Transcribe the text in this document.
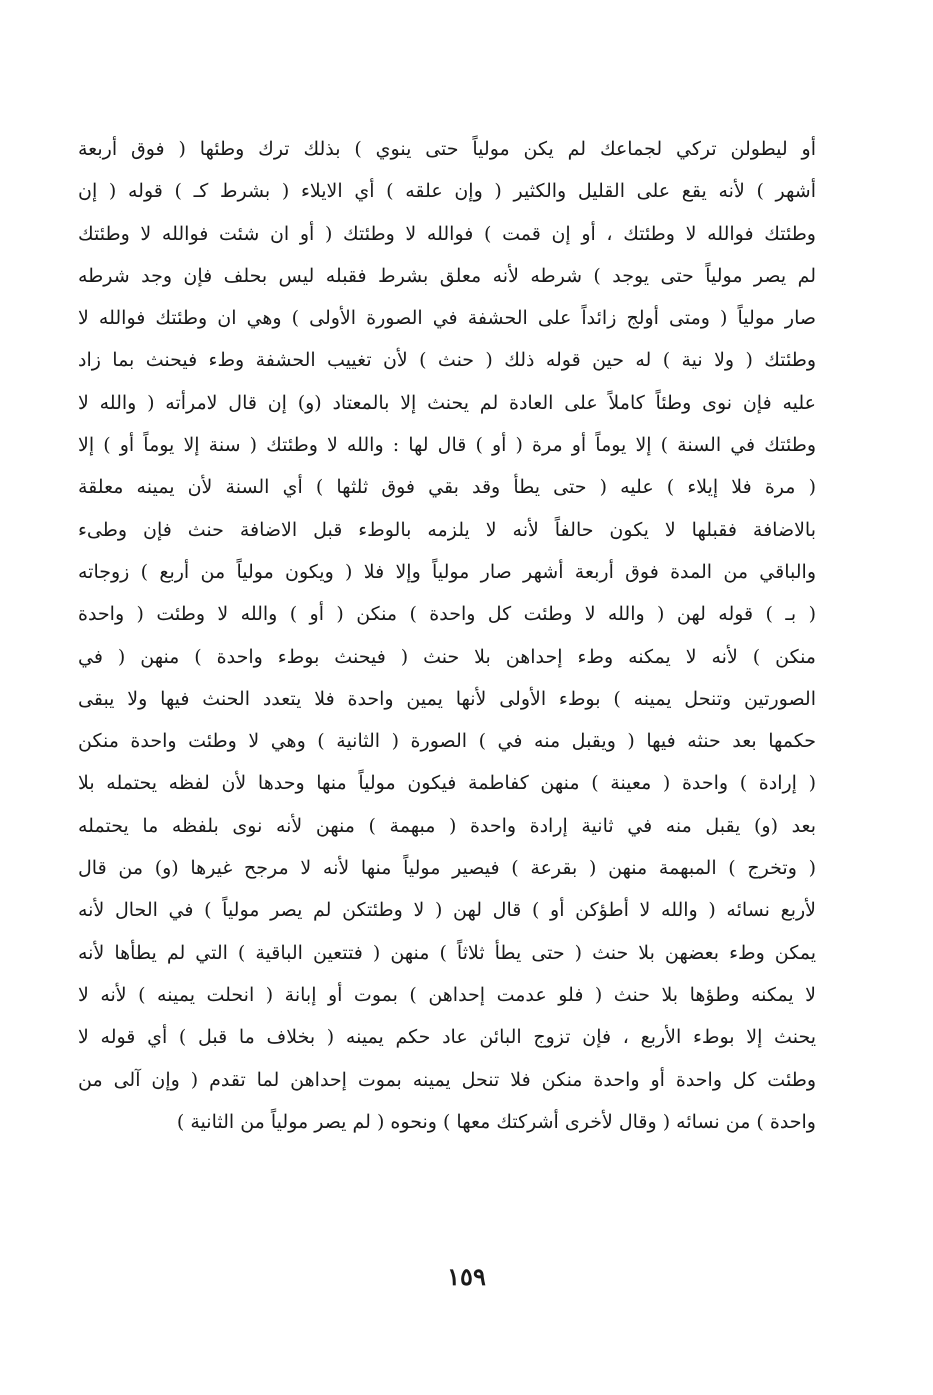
أو ليطولن تركي لجماعك لم يكن مولياً حتى ينوي ) بذلك ترك وطئها ( فوق أربعة
أشهر ) لأنه يقع على القليل والكثير ( وإن علقه ) أي الايلاء ( بشرط كـ ) قوله ( إن
وطئتك فوالله لا وطئتك ، أو إن قمت ) فوالله لا وطئتك ( أو ان شئت فوالله لا وطئتك
لم يصر مولياً حتى يوجد ) شرطه لأنه معلق بشرط فقبله ليس بحلف فإن وجد شرطه
صار مولياً ( ومتى أولج زائداً على الحشفة في الصورة الأولى ) وهي ان وطئتك فوالله لا
وطئتك ( ولا نية ) له حين قوله ذلك ( حنث ) لأن تغييب الحشفة وطء فيحنث بما زاد
عليه فإن نوى وطئاً كاملاً على العادة لم يحنث إلا بالمعتاد (و) إن قال لامرأته ( والله لا
وطئتك في السنة ) إلا يوماً أو مرة ( أو ) قال لها : والله لا وطئتك ( سنة إلا يوماً أو ) إلا
( مرة فلا إيلاء ) عليه ( حتى يطأ وقد بقي فوق ثلثها ) أي السنة لأن يمينه معلقة
بالاضافة فقبلها لا يكون حالفاً لأنه لا يلزمه بالوطء قبل الاضافة حنث فإن وطىء
والباقي من المدة فوق أربعة أشهر صار مولياً وإلا فلا ( ويكون مولياً من أربع ) زوجاته
( بـ ) قوله لهن ( والله لا وطئت كل واحدة ) منكن ( أو ) والله لا وطئت ( واحدة
منكن ) لأنه لا يمكنه وطء إحداهن بلا حنث ( فيحنث بوطء واحدة ) منهن ( في
الصورتين وتنحل يمينه ) بوطء الأولى لأنها يمين واحدة فلا يتعدد الحنث فيها ولا يبقى
حكمها بعد حنثه فيها ( ويقبل منه في ) الصورة ( الثانية ) وهي لا وطئت واحدة منكن
( إرادة ) واحدة ( معينة ) منهن كفاطمة فيكون مولياً منها وحدها لأن لفظه يحتمله بلا
بعد (و) يقبل منه في ثانية إرادة واحدة ( مبهمة ) منهن لأنه نوى بلفظه ما يحتمله
( وتخرج ) المبهمة منهن ( بقرعة ) فيصير مولياً منها لأنه لا مرجح غيرها (و) من قال
لأربع نسائه ( والله لا أطؤكن أو ) قال لهن ( لا وطئتكن لم يصر مولياً ) في الحال لأنه
يمكن وطء بعضهن بلا حنث ( حتى يطأ ثلاثاً ) منهن ( فتتعين الباقية ) التي لم يطأها لأنه
لا يمكنه وطؤها بلا حنث ( فلو عدمت إحداهن ) بموت أو إبانة ( انحلت يمينه ) لأنه لا
يحنث إلا بوطء الأربع ، فإن تزوج البائن عاد حكم يمينه ( بخلاف ما قبل ) أي قوله لا
وطئت كل واحدة أو واحدة منكن فلا تنحل يمينه بموت إحداهن لما تقدم ( وإن آلى من
واحدة ) من نسائه ( وقال لأخرى أشركتك معها ) ونحوه ( لم يصر مولياً من الثانية )
١٥٩
